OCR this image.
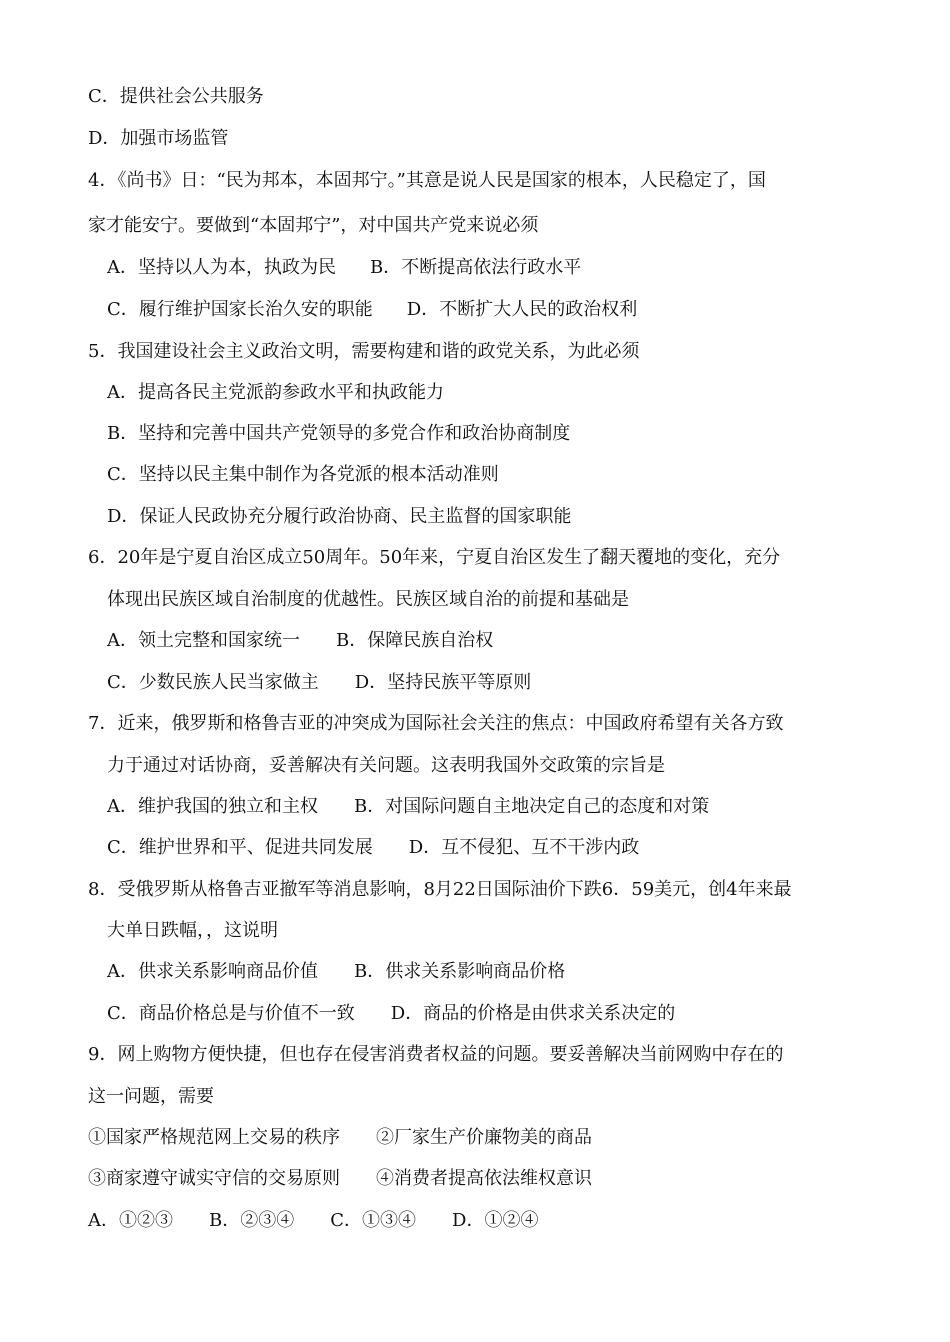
C．提供社会公共服务
D．加强市场监管
4．《尚书》日：“民为邦本，本固邦宁。”其意是说人民是国家的根本，人民稳定了，国
家才能安宁。要做到“本固邦宁”，对中国共产党来说必须
A．坚持以人为本，执政为民 B．不断提高依法行政水平
C．履行维护国家长治久安的职能 D．不断扩大人民的政治权利
5．我国建设社会主义政治文明，需要构建和谐的政党关系，为此必须
A．提高各民主党派韵参政水平和执政能力
B．坚持和完善中国共产党领导的多党合作和政治协商制度
C．坚持以民主集中制作为各党派的根本活动准则
D．保证人民政协充分履行政治协商、民主监督的国家职能
6．20年是宁夏自治区成立50周年。50年来，宁夏自治区发生了翻天覆地的变化，充分
体现出民族区域自治制度的优越性。民族区域自治的前提和基础是
A．领土完整和国家统一 B．保障民族自治权
C．少数民族人民当家做主 D．坚持民族平等原则
7．近来，俄罗斯和格鲁吉亚的冲突成为国际社会关注的焦点：中国政府希望有关各方致
力于通过对话协商，妥善解决有关问题。这表明我国外交政策的宗旨是
A．维护我国的独立和主权 B．对国际问题自主地决定自己的态度和对策
C．维护世界和平、促进共同发展 D．互不侵犯、互不干涉内政
8．受俄罗斯从格鲁吉亚撤军等消息影响，8月22日国际油价下跌6．59美元，创4年来最
大单日跌幅，，这说明
A．供求关系影响商品价值 B．供求关系影响商品价格
C．商品价格总是与价值不一致 D．商品的价格是由供求关系决定的
9．网上购物方便快捷，但也存在侵害消费者权益的问题。要妥善解决当前网购中存在的
这一问题，需要
①国家严格规范网上交易的秩序 ②厂家生产价廉物美的商品
③商家遵守诚实守信的交易原则 ④消费者提高依法维权意识
A．①②③ B．②③④ C．①③④ D．①②④
